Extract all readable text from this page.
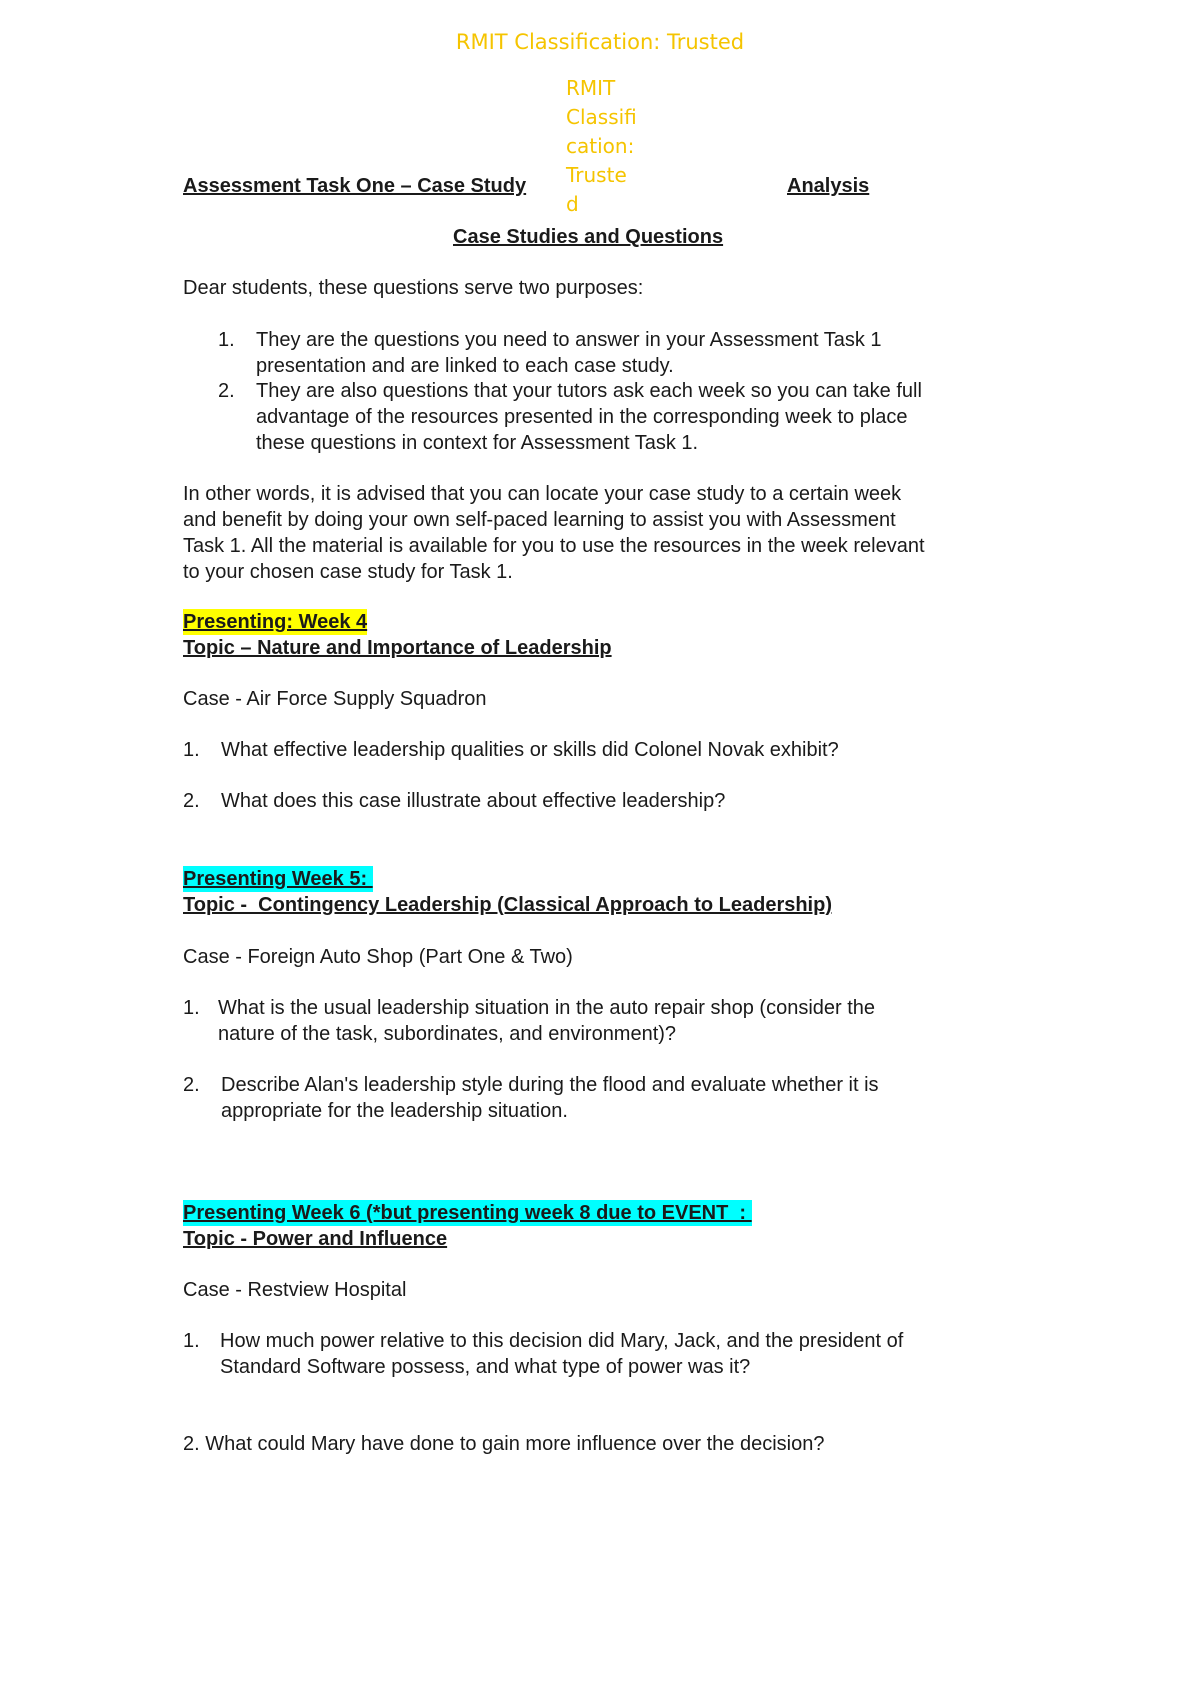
RMIT Classification: Trusted
RMIT
Classifi
cation:
Truste
d
Assessment Task One – Case Study	Analysis
Case Studies and Questions
Dear students, these questions serve two purposes:
1. They are the questions you need to answer in your Assessment Task 1
presentation and are linked to each case study.
2. They are also questions that your tutors ask each week so you can take full
advantage of the resources presented in the corresponding week to place
these questions in context for Assessment Task 1.
In other words, it is advised that you can locate your case study to a certain week
and benefit by doing your own self-paced learning to assist you with Assessment
Task 1. All the material is available for you to use the resources in the week relevant
to your chosen case study for Task 1.
Presenting: Week 4
Topic – Nature and Importance of Leadership
Case - Air Force Supply Squadron
1. What effective leadership qualities or skills did Colonel Novak exhibit?
2. What does this case illustrate about effective leadership?
Presenting Week 5:
Topic -  Contingency Leadership (Classical Approach to Leadership)
Case - Foreign Auto Shop (Part One & Two)
1. What is the usual leadership situation in the auto repair shop (consider the
nature of the task, subordinates, and environment)?
2. Describe Alan's leadership style during the flood and evaluate whether it is
appropriate for the leadership situation.
Presenting Week 6 (*but presenting week 8 due to EVENT_:
Topic - Power and Influence
Case - Restview Hospital
1. How much power relative to this decision did Mary, Jack, and the president of
Standard Software possess, and what type of power was it?
2. What could Mary have done to gain more influence over the decision?
